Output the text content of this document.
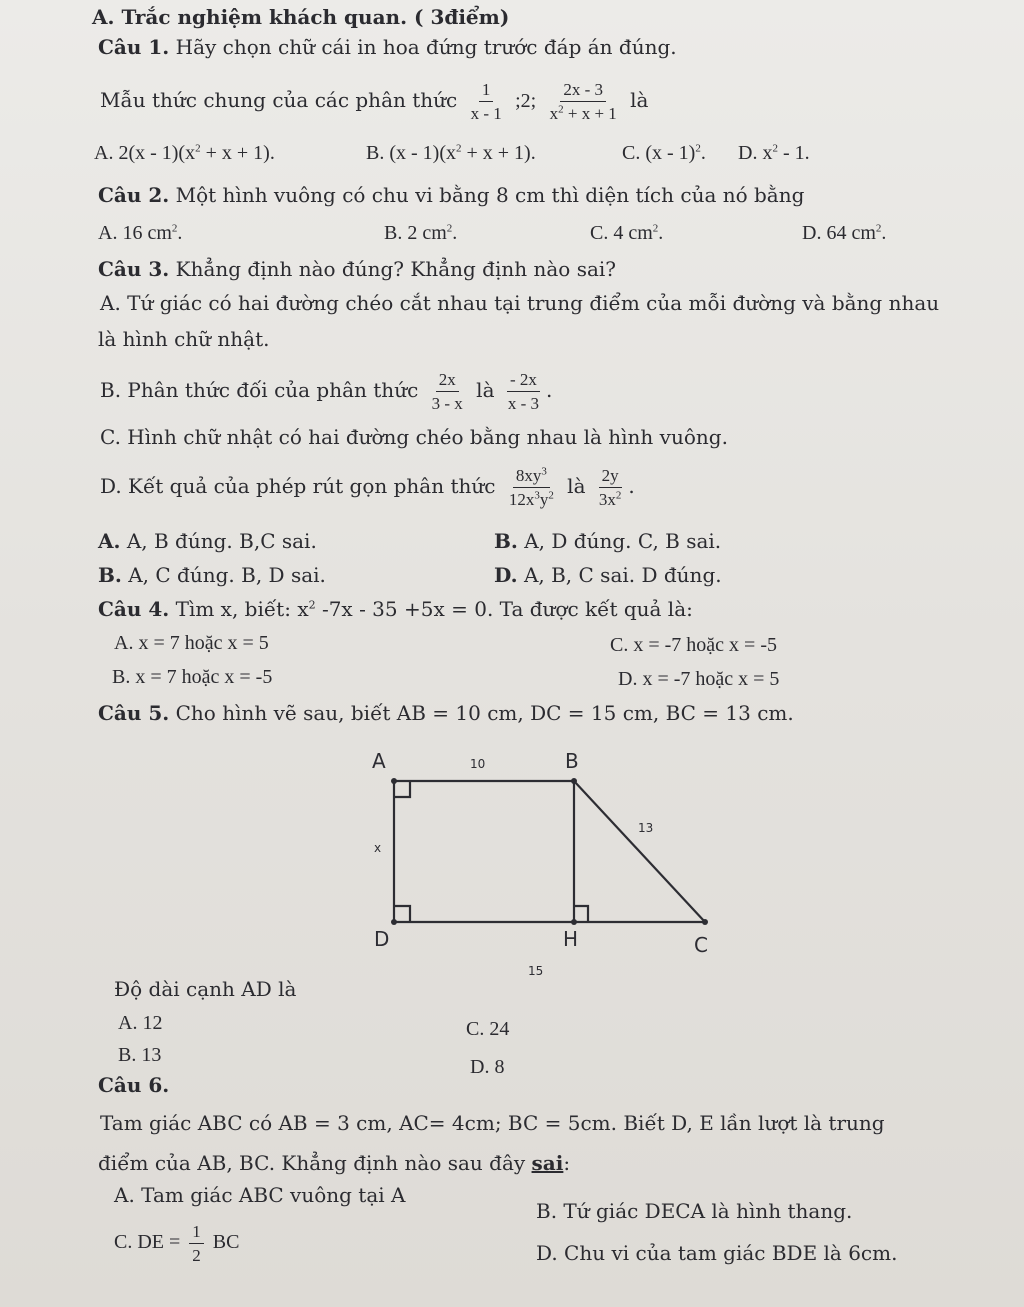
A. Trắc nghiệm khách quan. ( 3điểm)
Câu 1. Hãy chọn chữ cái in hoa đứng trước đáp án đúng.
Mẫu thức chung của các phân thức $\frac{1}{x - 1}$ ;2; $\frac{2x - 3}{x^2 + x + 1}$ là
A. $2(x - 1)(x^2 + x + 1)$.	B. $(x - 1)(x^2 + x + 1)$.	C. (x - 1)$^2$. D. $x^2 - 1$.
Câu 2. Một hình vuông có chu vi bằng 8 cm thì diện tích của nó bằng
A. 16 $cm^2$.	B. 2 $cm^2$.	C. 4 $cm^2$.	D. 64 $cm^2$.
Câu 3. Khẳng định nào đúng? Khẳng định nào sai?
A. Tứ giác có hai đường chéo cắt nhau tại trung điểm của mỗi đường và bằng nhau
là hình chữ nhật.
B. Phân thức đối của phân thức $\frac{2x}{3 - x}$ là $\frac{- 2x}{x - 3}$ .
C. Hình chữ nhật có hai đường chéo bằng nhau là hình vuông.
D. Kết quả của phép rút gọn phân thức $\frac{8xy^3}{12x^3y^2}$ là $\frac{2y}{3x^2}$ .
A. A, B đúng. B,C sai.	B. A, D đúng. C, B sai.
B. A, C đúng. B, D sai.	D. A, B, C sai. D đúng.
Câu 4. Tìm x, biết: $x^2$ -7x - 35 +5x = 0. Ta được kết quả là:
A. x = 7 hoặc x = 5	C. x = -7 hoặc x = -5
B. x = 7 hoặc x = -5	D. x = -7 hoặc x = 5
Câu 5. Cho hình vẽ sau, biết AB = 10 cm, DC = 15 cm, BC = 13 cm.
A	B
C
D	H
10
13
x
15
Độ dài cạnh AD là
A. 12	C. 24
B. 13
D. 8
Câu 6.
Tam giác ABC có AB = 3 cm, AC= 4cm; BC = 5cm. Biết D, E lần lượt là trung
điểm của AB, BC. Khẳng định nào sau đây sai:
A. Tam giác ABC vuông tại A
B. Tứ giác DECA là hình thang.
C. DE = $\frac{1}{2}$ BC	D. Chu vi của tam giác BDE là 6cm.
